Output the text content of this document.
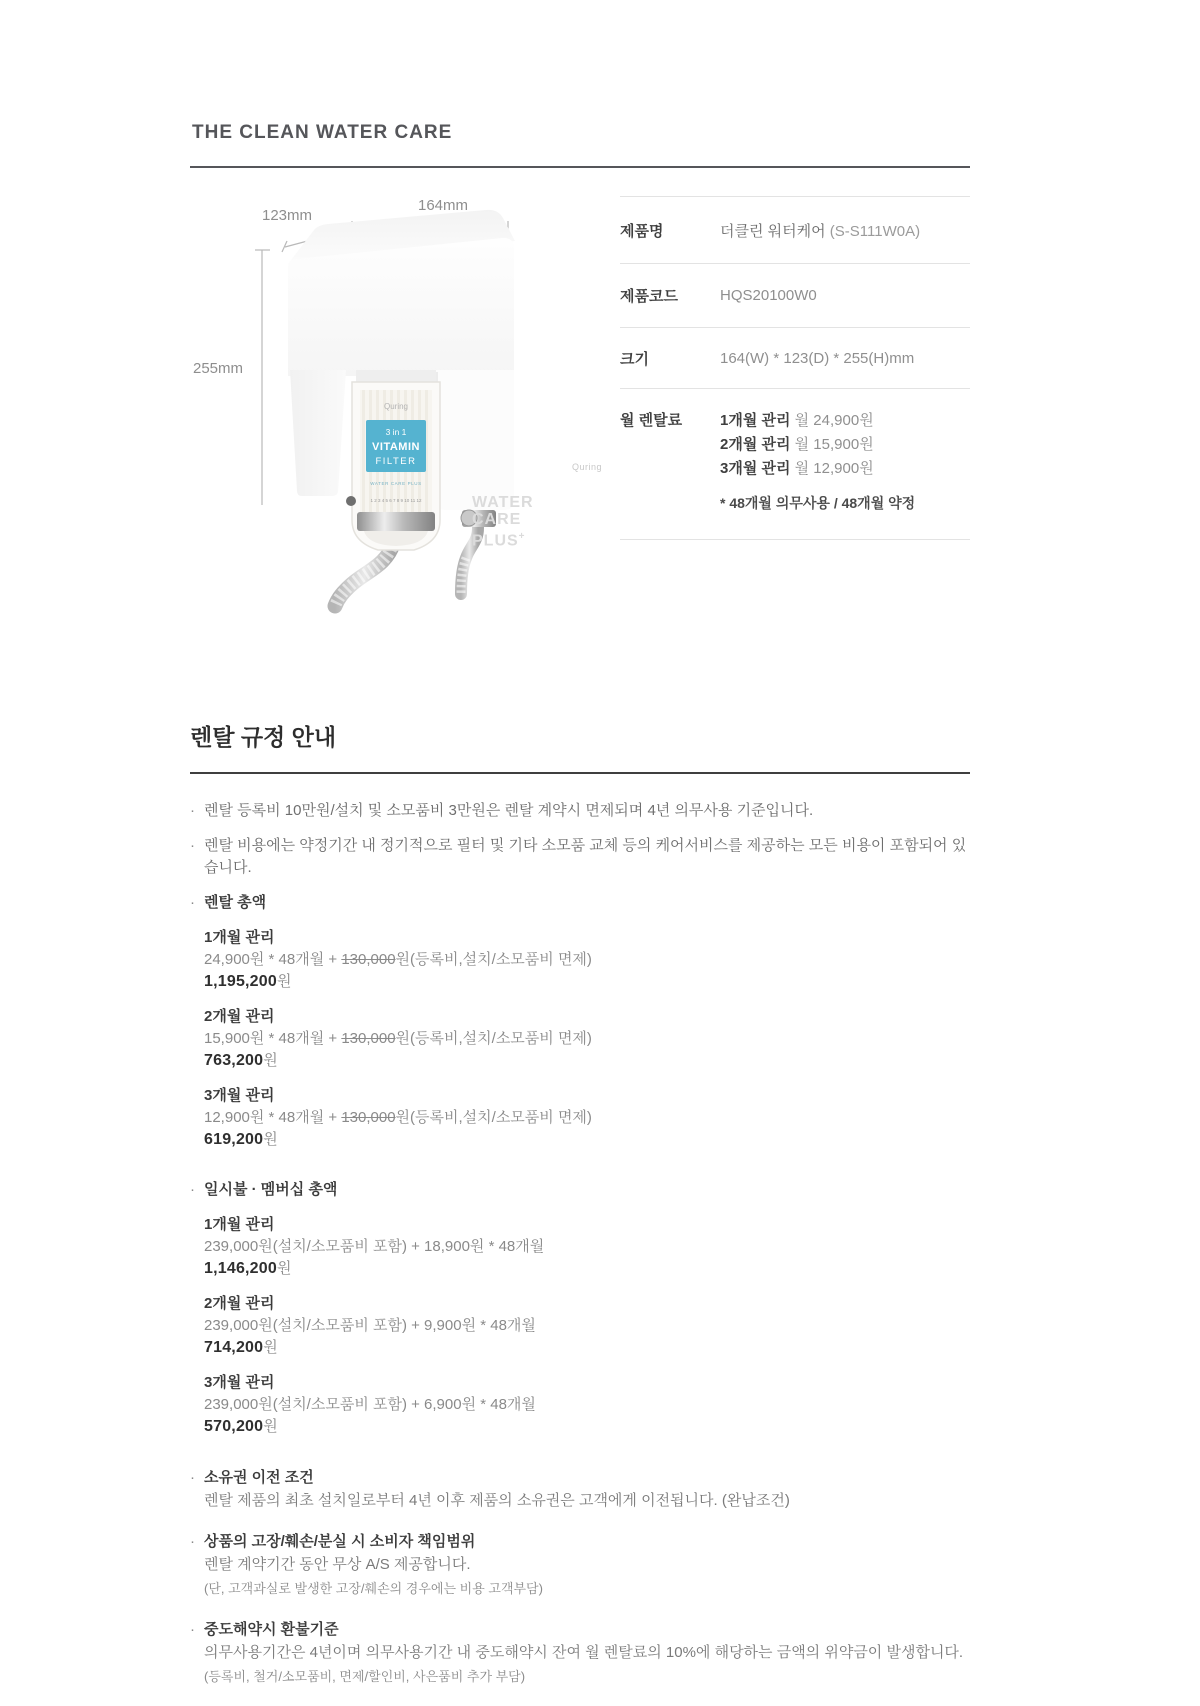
THE CLEAN WATER CARE
Quring
3 in 1
VITAMIN
FILTER
WATER CARE PLUS
1 2 3 4 5 6 7 8 9 10 11 12
123mm
164mm
255mm
Quring
WATER
CARE
PLUS+
제품명	더클린 워터케어 (S-S111W0A)
제품코드	HQS20100W0
크기	164(W) * 123(D) * 255(H)mm
월 렌탈료	1개월 관리 월 24,900원
2개월 관리 월 15,900원
3개월 관리 월 12,900원
* 48개월 의무사용 / 48개월 약정
렌탈 규정 안내
· 렌탈 등록비 10만원/설치 및 소모품비 3만원은 렌탈 계약시 면제되며 4년 의무사용 기준입니다.
· 렌탈 비용에는 약정기간 내 정기적으로 필터 및 기타 소모품 교체 등의 케어서비스를 제공하는 모든 비용이 포함되어 있습니다.
· 렌탈 총액
1개월 관리
24,900원 * 48개월 + 130,000원(등록비,설치/소모품비 면제)
1,195,200원
2개월 관리
15,900원 * 48개월 + 130,000원(등록비,설치/소모품비 면제)
763,200원
3개월 관리
12,900원 * 48개월 + 130,000원(등록비,설치/소모품비 면제)
619,200원
· 일시불 · 멤버십 총액
1개월 관리
239,000원(설치/소모품비 포함) + 18,900원 * 48개월
1,146,200원
2개월 관리
239,000원(설치/소모품비 포함) + 9,900원 * 48개월
714,200원
3개월 관리
239,000원(설치/소모품비 포함) + 6,900원 * 48개월
570,200원
· 소유권 이전 조건
렌탈 제품의 최초 설치일로부터 4년 이후 제품의 소유권은 고객에게 이전됩니다. (완납조건)
· 상품의 고장/훼손/분실 시 소비자 책임범위
렌탈 계약기간 동안 무상 A/S 제공합니다.
(단, 고객과실로 발생한 고장/훼손의 경우에는 비용 고객부담)
· 중도해약시 환불기준
의무사용기간은 4년이며 의무사용기간 내 중도해약시 잔여 월 렌탈료의 10%에 해당하는 금액의 위약금이 발생합니다.
(등록비, 철거/소모품비, 면제/할인비, 사은품비 추가 부담)
